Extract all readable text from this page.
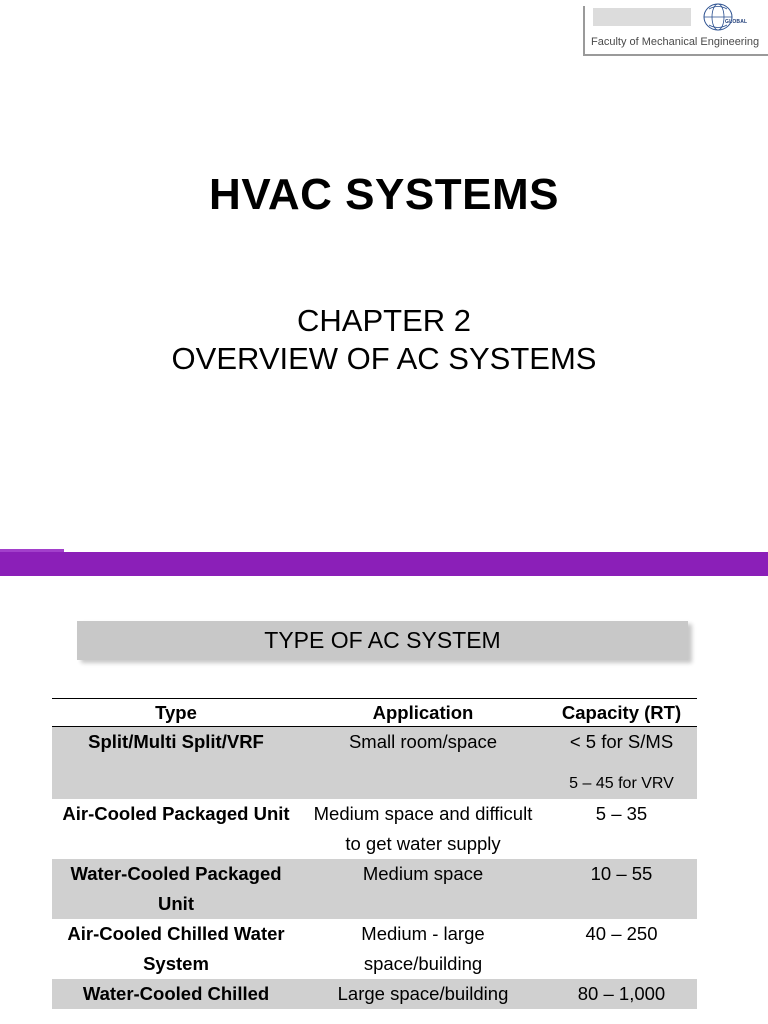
GLOBAL
Faculty of Mechanical Engineering
HVAC SYSTEMS
CHAPTER 2
OVERVIEW OF AC SYSTEMS
TYPE OF AC SYSTEM
Type	Application	Capacity (RT)
Split/Multi Split/VRF	Small room/space	< 5 for S/MS
5 – 45 for VRV

Air-Cooled Packaged Unit	Medium space and difficult to get water supply	5 – 35
Water-Cooled Packaged Unit	Medium space	10 – 55
Air-Cooled Chilled Water System	Medium - large space/building	40 – 250
Water-Cooled Chilled	Large space/building	80 – 1,000
